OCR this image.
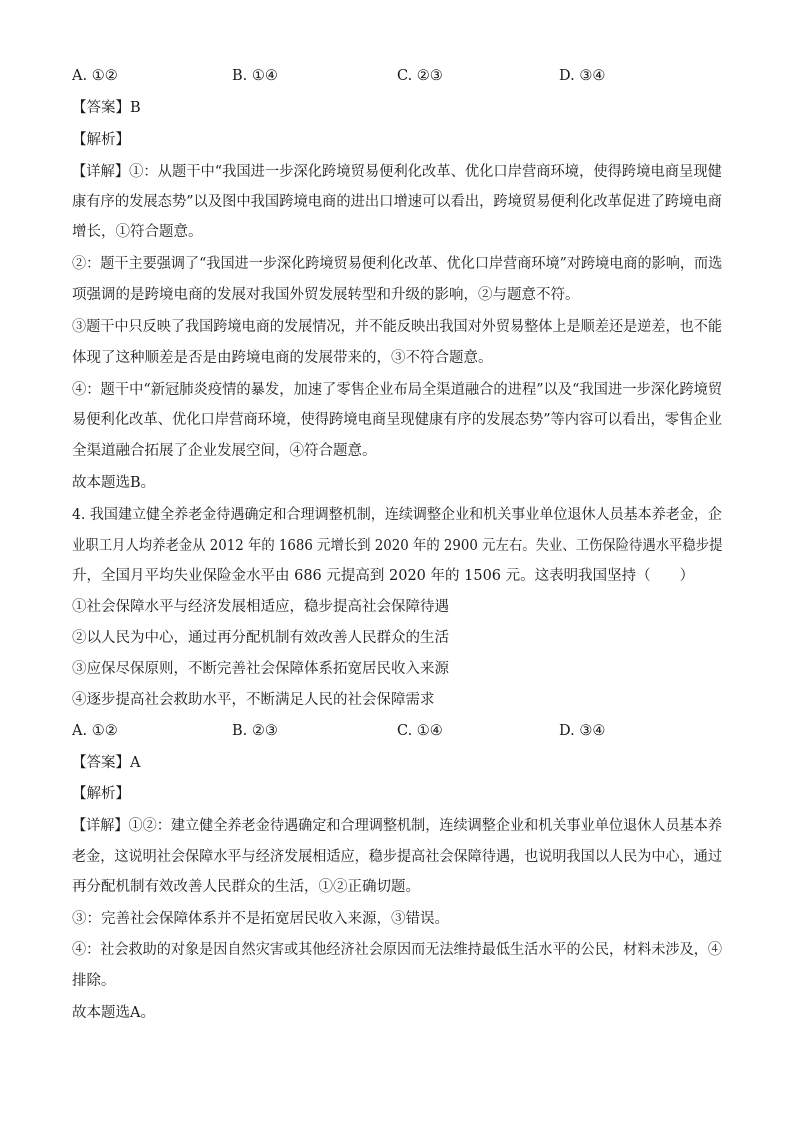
A. ①②	B. ①④	C. ②③	D. ③④
【答案】B
【解析】
【详解】①：从题干中“我国进一步深化跨境贸易便利化改革、优化口岸营商环境，使得跨境电商呈现健
康有序的发展态势”以及图中我国跨境电商的进出口增速可以看出，跨境贸易便利化改革促进了跨境电商
增长，①符合题意。
②：题干主要强调了“我国进一步深化跨境贸易便利化改革、优化口岸营商环境”对跨境电商的影响，而选
项强调的是跨境电商的发展对我国外贸发展转型和升级的影响，②与题意不符。
③题干中只反映了我国跨境电商的发展情况，并不能反映出我国对外贸易整体上是顺差还是逆差，也不能
体现了这种顺差是否是由跨境电商的发展带来的，③不符合题意。
④：题干中“新冠肺炎疫情的暴发，加速了零售企业布局全渠道融合的进程”以及“我国进一步深化跨境贸
易便利化改革、优化口岸营商环境，使得跨境电商呈现健康有序的发展态势”等内容可以看出，零售企业
全渠道融合拓展了企业发展空间，④符合题意。
故本题选B。
4. 我国建立健全养老金待遇确定和合理调整机制，连续调整企业和机关事业单位退休人员基本养老金，企
业职工月人均养老金从 2012 年的 1686 元增长到 2020 年的 2900 元左右。失业、工伤保险待遇水平稳步提
升，全国月平均失业保险金水平由 686 元提高到 2020 年的 1506 元。这表明我国坚持（　　）
①社会保障水平与经济发展相适应，稳步提高社会保障待遇
②以人民为中心，通过再分配机制有效改善人民群众的生活
③应保尽保原则，不断完善社会保障体系拓宽居民收入来源
④逐步提高社会救助水平，不断满足人民的社会保障需求
A. ①②	B. ②③	C. ①④	D. ③④
【答案】A
【解析】
【详解】①②：建立健全养老金待遇确定和合理调整机制，连续调整企业和机关事业单位退休人员基本养
老金，这说明社会保障水平与经济发展相适应，稳步提高社会保障待遇，也说明我国以人民为中心，通过
再分配机制有效改善人民群众的生活，①②正确切题。
③：完善社会保障体系并不是拓宽居民收入来源，③错误。
④：社会救助的对象是因自然灾害或其他经济社会原因而无法维持最低生活水平的公民，材料未涉及，④
排除。
故本题选A。
